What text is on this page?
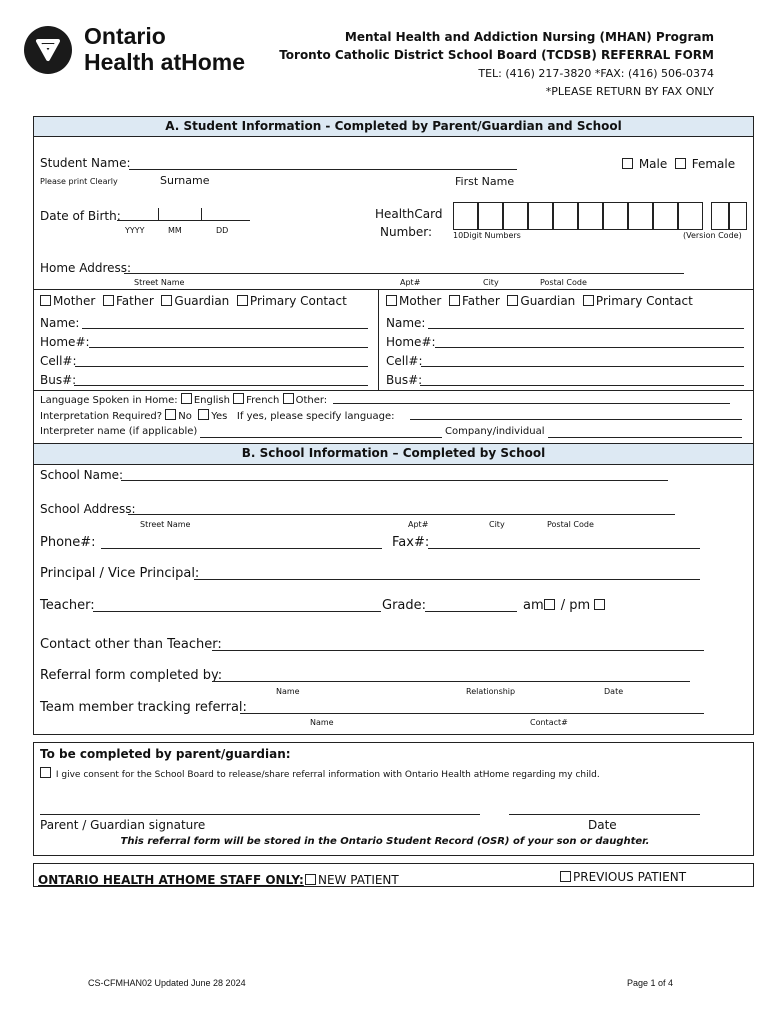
Ontario
Health atHome
Mental Health and Addiction Nursing (MHAN) Program
Toronto Catholic District School Board (TCDSB) REFERRAL FORM
TEL: (416) 217-3820 *FAX: (416) 506-0374
*PLEASE RETURN BY FAX ONLY
A. Student Information - Completed by Parent/Guardian and School
Student Name:
Please print Clearly	Surname	First Name
Male Female
Date of Birth:
YYYY	MM	DD
HealthCard
Number:	10Digit Numbers	(Version Code)
Home Address:
Street Name	Apt#	City	Postal Code
Mother Father Guardian Primary Contact	Mother Father Guardian Primary Contact
Name:
Home#:
Cell#:
Bus#:
Name:
Home#:
Cell#:
Bus#:
Language Spoken in Home: English French Other:
Interpretation Required? No Yes If yes, please specify language:
Interpreter name (if applicable)	Company/individual
B. School Information – Completed by School
School Name:
School Address:
Street Name	Apt#	City	Postal Code
Phone#:	Fax#:
Principal / Vice Principal:
Teacher:	Grade:	am / pm
Contact other than Teacher:
Referral form completed by:
Name	Relationship	Date
Team member tracking referral:
Name	Contact#
To be completed by parent/guardian:
I give consent for the School Board to release/share referral information with Ontario Health atHome regarding my child.
Parent / Guardian signature	Date
This referral form will be stored in the Ontario Student Record (OSR) of your son or daughter.
ONTARIO HEALTH ATHOME STAFF ONLY:	NEW PATIENT	PREVIOUS PATIENT
CS-CFMHAN02 Updated June 28 2024	Page 1 of 4
